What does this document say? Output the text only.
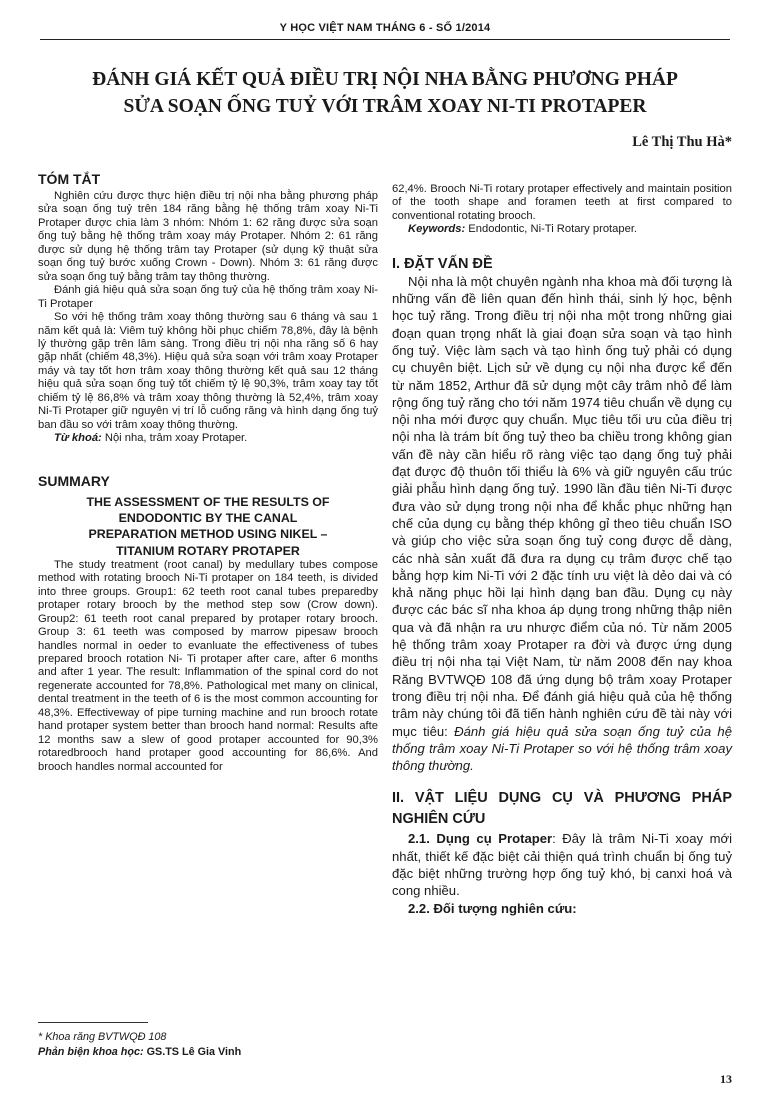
Y HỌC VIỆT NAM THÁNG 6 - SỐ 1/2014
ĐÁNH GIÁ KẾT QUẢ ĐIỀU TRỊ NỘI NHA BẰNG PHƯƠNG PHÁP
SỬA SOẠN ỐNG TUỶ VỚI TRÂM XOAY NI-TI PROTAPER
Lê Thị Thu Hà*
TÓM TẮT

Nghiên cứu được thực hiện điều trị nội nha bằng phương pháp sửa soạn ống tuỷ trên 184 răng bằng hệ thống trâm xoay Ni-Ti Protaper được chia làm 3 nhóm: Nhóm 1: 62 răng được sửa soạn ống tuỷ bằng hệ thống trâm xoay máy Protaper. Nhóm 2: 61 răng được sử dụng hệ thống trâm tay Protaper (sử dụng kỹ thuật sửa soạn ống tuỷ bước xuống Crown - Down). Nhóm 3: 61 răng được sửa soạn ống tuỷ bằng trâm tay thông thường.

Đánh giá hiệu quả sửa soạn ống tuỷ của hệ thống trâm xoay Ni-Ti Protaper

So với hệ thống trâm xoay thông thường sau 6 tháng và sau 1 năm kết quả là: Viêm tuỷ không hồi phục chiếm 78,8%, đây là bệnh lý thường gặp trên lâm sàng. Trong điều trị nội nha răng số 6 hay gặp nhất (chiếm 48,3%). Hiệu quả sửa soạn với trâm xoay Protaper máy và tay tốt hơn trâm xoay thông thường kết quả sau 12 tháng hiệu quả sửa soạn ống tuỷ tốt chiếm tỷ lệ 90,3%, trâm xoay tay tốt chiếm tỷ lệ 86,8% và trâm xoay thông thường là 52,4%, trâm xoay Ni-Ti Protaper giữ nguyên vị trí lỗ cuống răng và hình dạng ống tuỷ ban đầu so với trâm xoay thông thường.

Từ khoá: Nội nha, trâm xoay Protaper.

SUMMARY
THE ASSESSMENT OF THE RESULTS OF
ENDODONTIC BY THE CANAL
PREPARATION METHOD USING NIKEL –
TITANIUM ROTARY PROTAPER

The study treatment (root canal) by medullary tubes compose method with rotating brooch Ni-Ti protaper on 184 teeth, is divided into three groups. Group1: 62 teeth root canal tubes preparedby protaper rotary brooch by the method step sow (Crow down). Group2: 61 teeth root canal prepared by protaper rotary brooch. Group 3: 61 teeth was composed by marrow pipesaw brooch handles normal in oeder to evanluate the effectiveness of tubes prepared brooch rotation Ni- Ti protaper after care, after 6 months and after 1 year. The result: Inflammation of the spinal cord do not regenerate accounted for 78,8%. Pathological met many on clinical, dental treatment in the teeth of 6 is the most common accounting for 48,3%. Effectiveway of pipe turning machine and run brooch rotate hand protaper system better than brooch hand normal: Results afte 12 months saw a slew of good protaper accounted for 90,3% rotaredbrooch hand protaper good accounting for 86,6%. And brooch handles normal accounted for

* Khoa răng BVTWQĐ 108
Phản biện khoa học: GS.TS Lê Gia Vinh

62,4%. Brooch Ni-Ti rotary protaper effectively and maintain position of the tooth shape and foramen teeth at first compared to conventional rotating brooch.

Keywords: Endodontic, Ni-Ti Rotary protaper.

I. ĐẶT VẤN ĐỀ

Nội nha là một chuyên ngành nha khoa mà đối tượng là những vấn đề liên quan đến hình thái, sinh lý học, bệnh học tuỷ răng. Trong điều trị nội nha một trong những giai đoạn quan trọng nhất là giai đoạn sửa soạn và tạo hình ống tuỷ. Việc làm sạch và tạo hình ống tuỷ phải có dụng cụ chuyên biệt. Lịch sử về dụng cụ nội nha được kể đến từ năm 1852, Arthur đã sử dụng một cây trâm nhỏ để làm rộng ống tuỷ răng cho tới năm 1974 tiêu chuẩn về dụng cụ nội nha mới được quy chuẩn. Mục tiêu tối ưu của điều trị nội nha là trám bít ống tuỷ theo ba chiều trong không gian vấn đề này cần hiểu rõ ràng việc tạo dạng ống tuỷ phải đạt được độ thuôn tối thiểu là 6% và giữ nguyên cấu trúc giải phẫu hình dạng ống tuỷ. 1990 lần đầu tiên Ni-Ti được đưa vào sử dụng trong nội nha để khắc phục những hạn chế của dụng cụ bằng thép không gỉ theo tiêu chuẩn ISO và giúp cho việc sửa soạn ống tuỷ cong được dễ dàng, các nhà sản xuất đã đưa ra dụng cụ trâm được chế tạo bằng hợp kim Ni-Ti với 2 đặc tính ưu việt là dẻo dai và có khả năng phục hồi lại hình dạng ban đầu. Dụng cụ này được các bác sĩ nha khoa áp dụng trong những thập niên qua và đã nhận ra ưu nhược điểm của nó. Từ năm 2005 hệ thống trâm xoay Protaper ra đời và được ứng dụng điều trị nội nha tại Việt Nam, từ năm 2008 đến nay khoa Răng BVTWQĐ 108 đã ứng dụng bộ trâm xoay Protaper trong điều trị nội nha. Để đánh giá hiệu quả của hệ thống trâm này chúng tôi đã tiến hành nghiên cứu đề tài này với mục tiêu: Đánh giá hiệu quả sửa soạn ống tuỷ của hệ thống trâm xoay Ni-Ti Protaper so với hệ thống trâm xoay thông thường.

II. VẬT LIỆU DỤNG CỤ VÀ PHƯƠNG PHÁP NGHIÊN CỨU

2.1. Dụng cụ Protaper: Đây là trâm Ni-Ti xoay mới nhất, thiết kế đặc biệt cải thiện quá trình chuẩn bị ống tuỷ đặc biệt những trường hợp ống tuỷ khó, bị canxi hoá và cong nhiều.

2.2. Đối tượng nghiên cứu:

13
